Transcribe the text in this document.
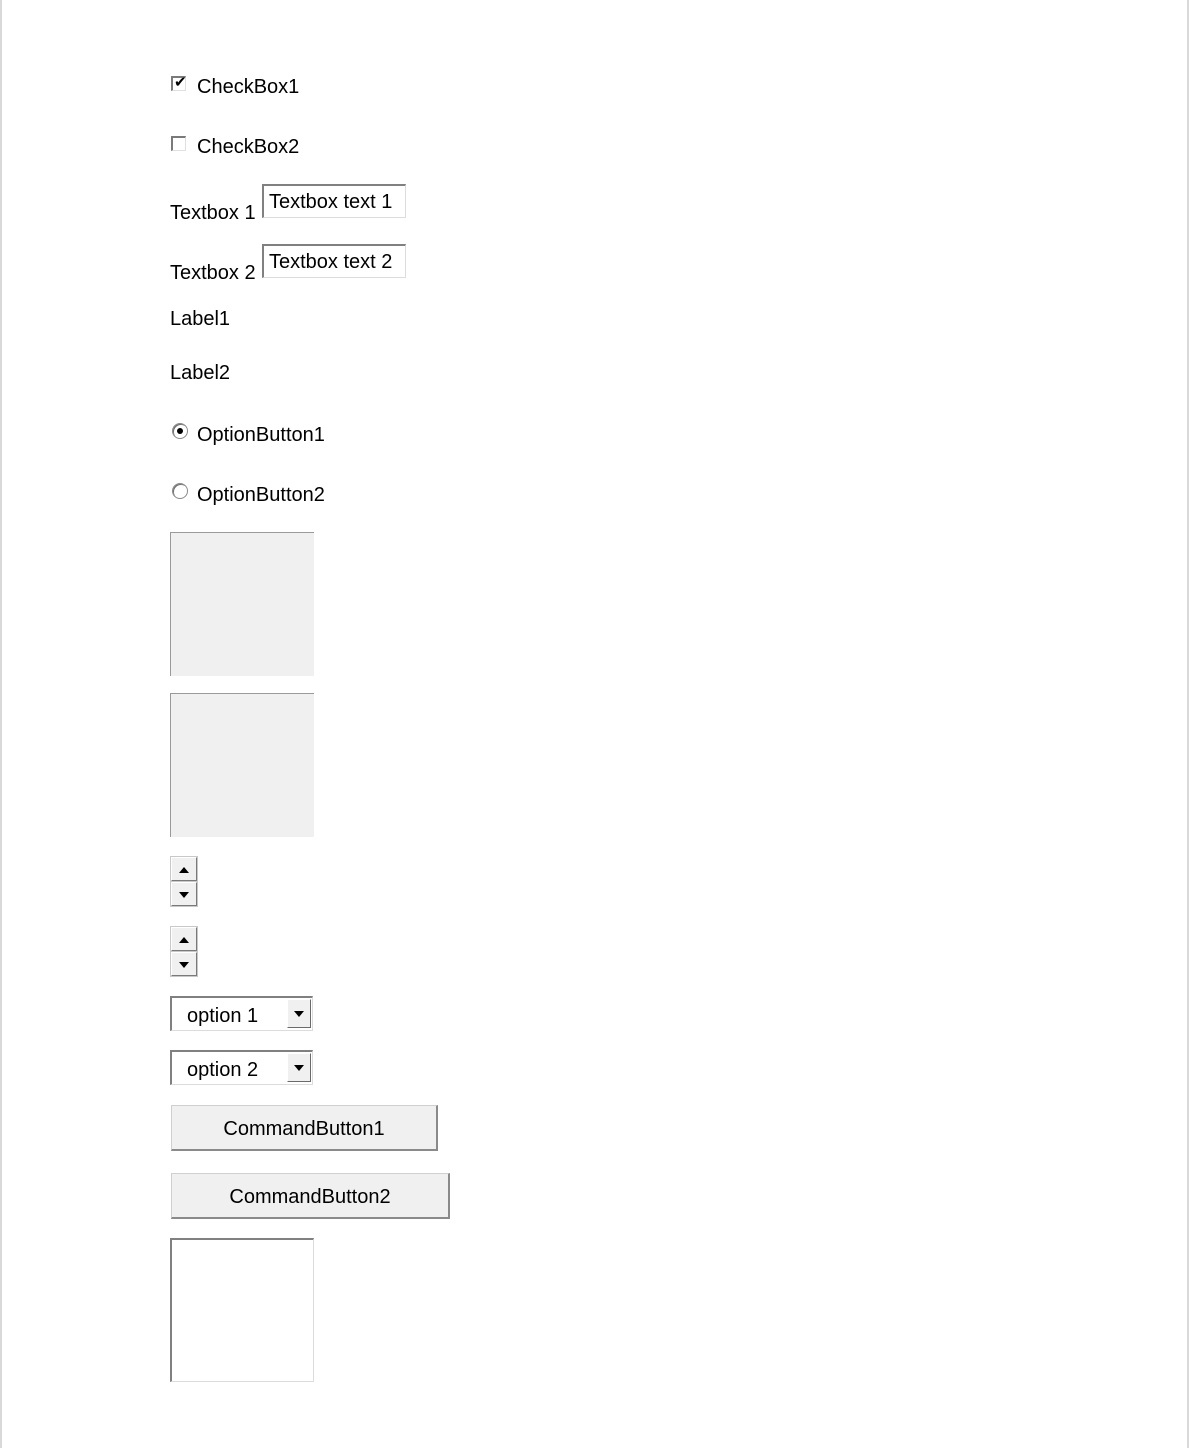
✔ CheckBox1
CheckBox2
Textbox 1 Textbox text 1
Textbox 2 Textbox text 2
Label1
Label2
OptionButton1
OptionButton2
option 1
option 2
CommandButton1
CommandButton2
